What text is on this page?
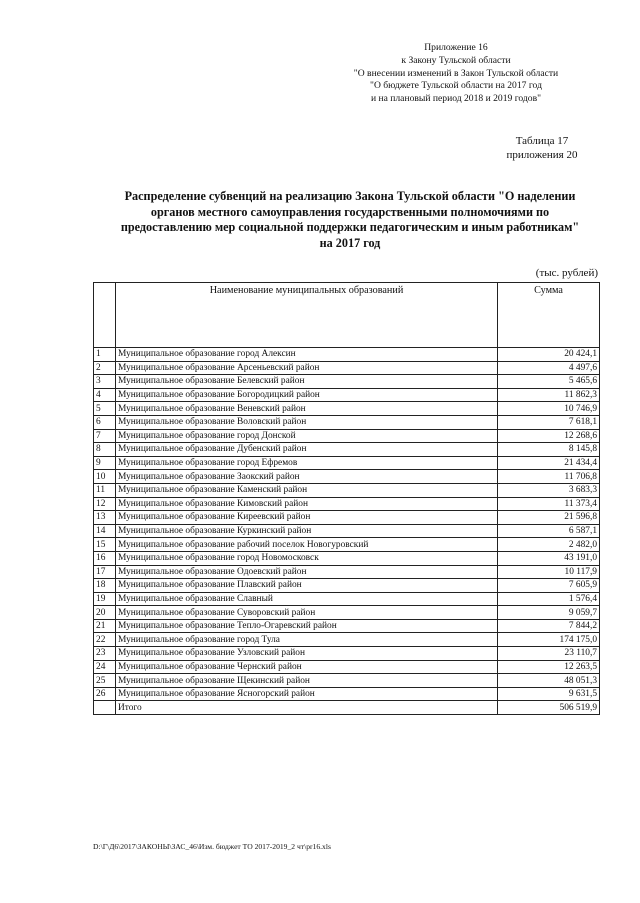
Приложение 16
к Закону Тульской области
"О внесении изменений в Закон Тульской области
"О бюджете Тульской области на 2017 год
и на плановый период 2018 и 2019 годов"
Таблица 17
приложения 20
Распределение субвенций на реализацию Закона Тульской области "О наделении
органов местного самоуправления государственными полномочиями по
предоставлению мер социальной поддержки педагогическим и иным работникам"
на 2017 год
(тыс. рублей)
	Наименование муниципальных образований	Сумма
1	Муниципальное образование город Алексин	20 424,1
2	Муниципальное образование Арсеньевский район	4 497,6
3	Муниципальное образование Белевский район	5 465,6
4	Муниципальное образование Богородицкий район	11 862,3
5	Муниципальное образование Веневский район	10 746,9
6	Муниципальное образование Воловский район	7 618,1
7	Муниципальное образование город Донской	12 268,6
8	Муниципальное образование Дубенский район	8 145,8
9	Муниципальное образование город Ефремов	21 434,4
10	Муниципальное образование Заокский район	11 706,8
11	Муниципальное образование Каменский район	3 683,3
12	Муниципальное образование Кимовский район	11 373,4
13	Муниципальное образование Киреевский район	21 596,8
14	Муниципальное образование Куркинский район	6 587,1
15	Муниципальное образование рабочий поселок Новогуровский	2 482,0
16	Муниципальное образование город Новомосковск	43 191,0
17	Муниципальное образование Одоевский район	10 117,9
18	Муниципальное образование Плавский район	7 605,9
19	Муниципальное образование Славный	1 576,4
20	Муниципальное образование Суворовский район	9 059,7
21	Муниципальное образование Тепло-Огаревский район	7 844,2
22	Муниципальное образование город Тула	174 175,0
23	Муниципальное образование Узловский район	23 110,7
24	Муниципальное образование Чернский район	12 263,5
25	Муниципальное образование Щекинский район	48 051,3
26	Муниципальное образование Ясногорский район	9 631,5
	Итого	506 519,9
D:\Г\Д6\2017\ЗАКОНЫ\ЗАС_46\Изм. бюджет ТО 2017-2019_2 чт\pr16.xls
